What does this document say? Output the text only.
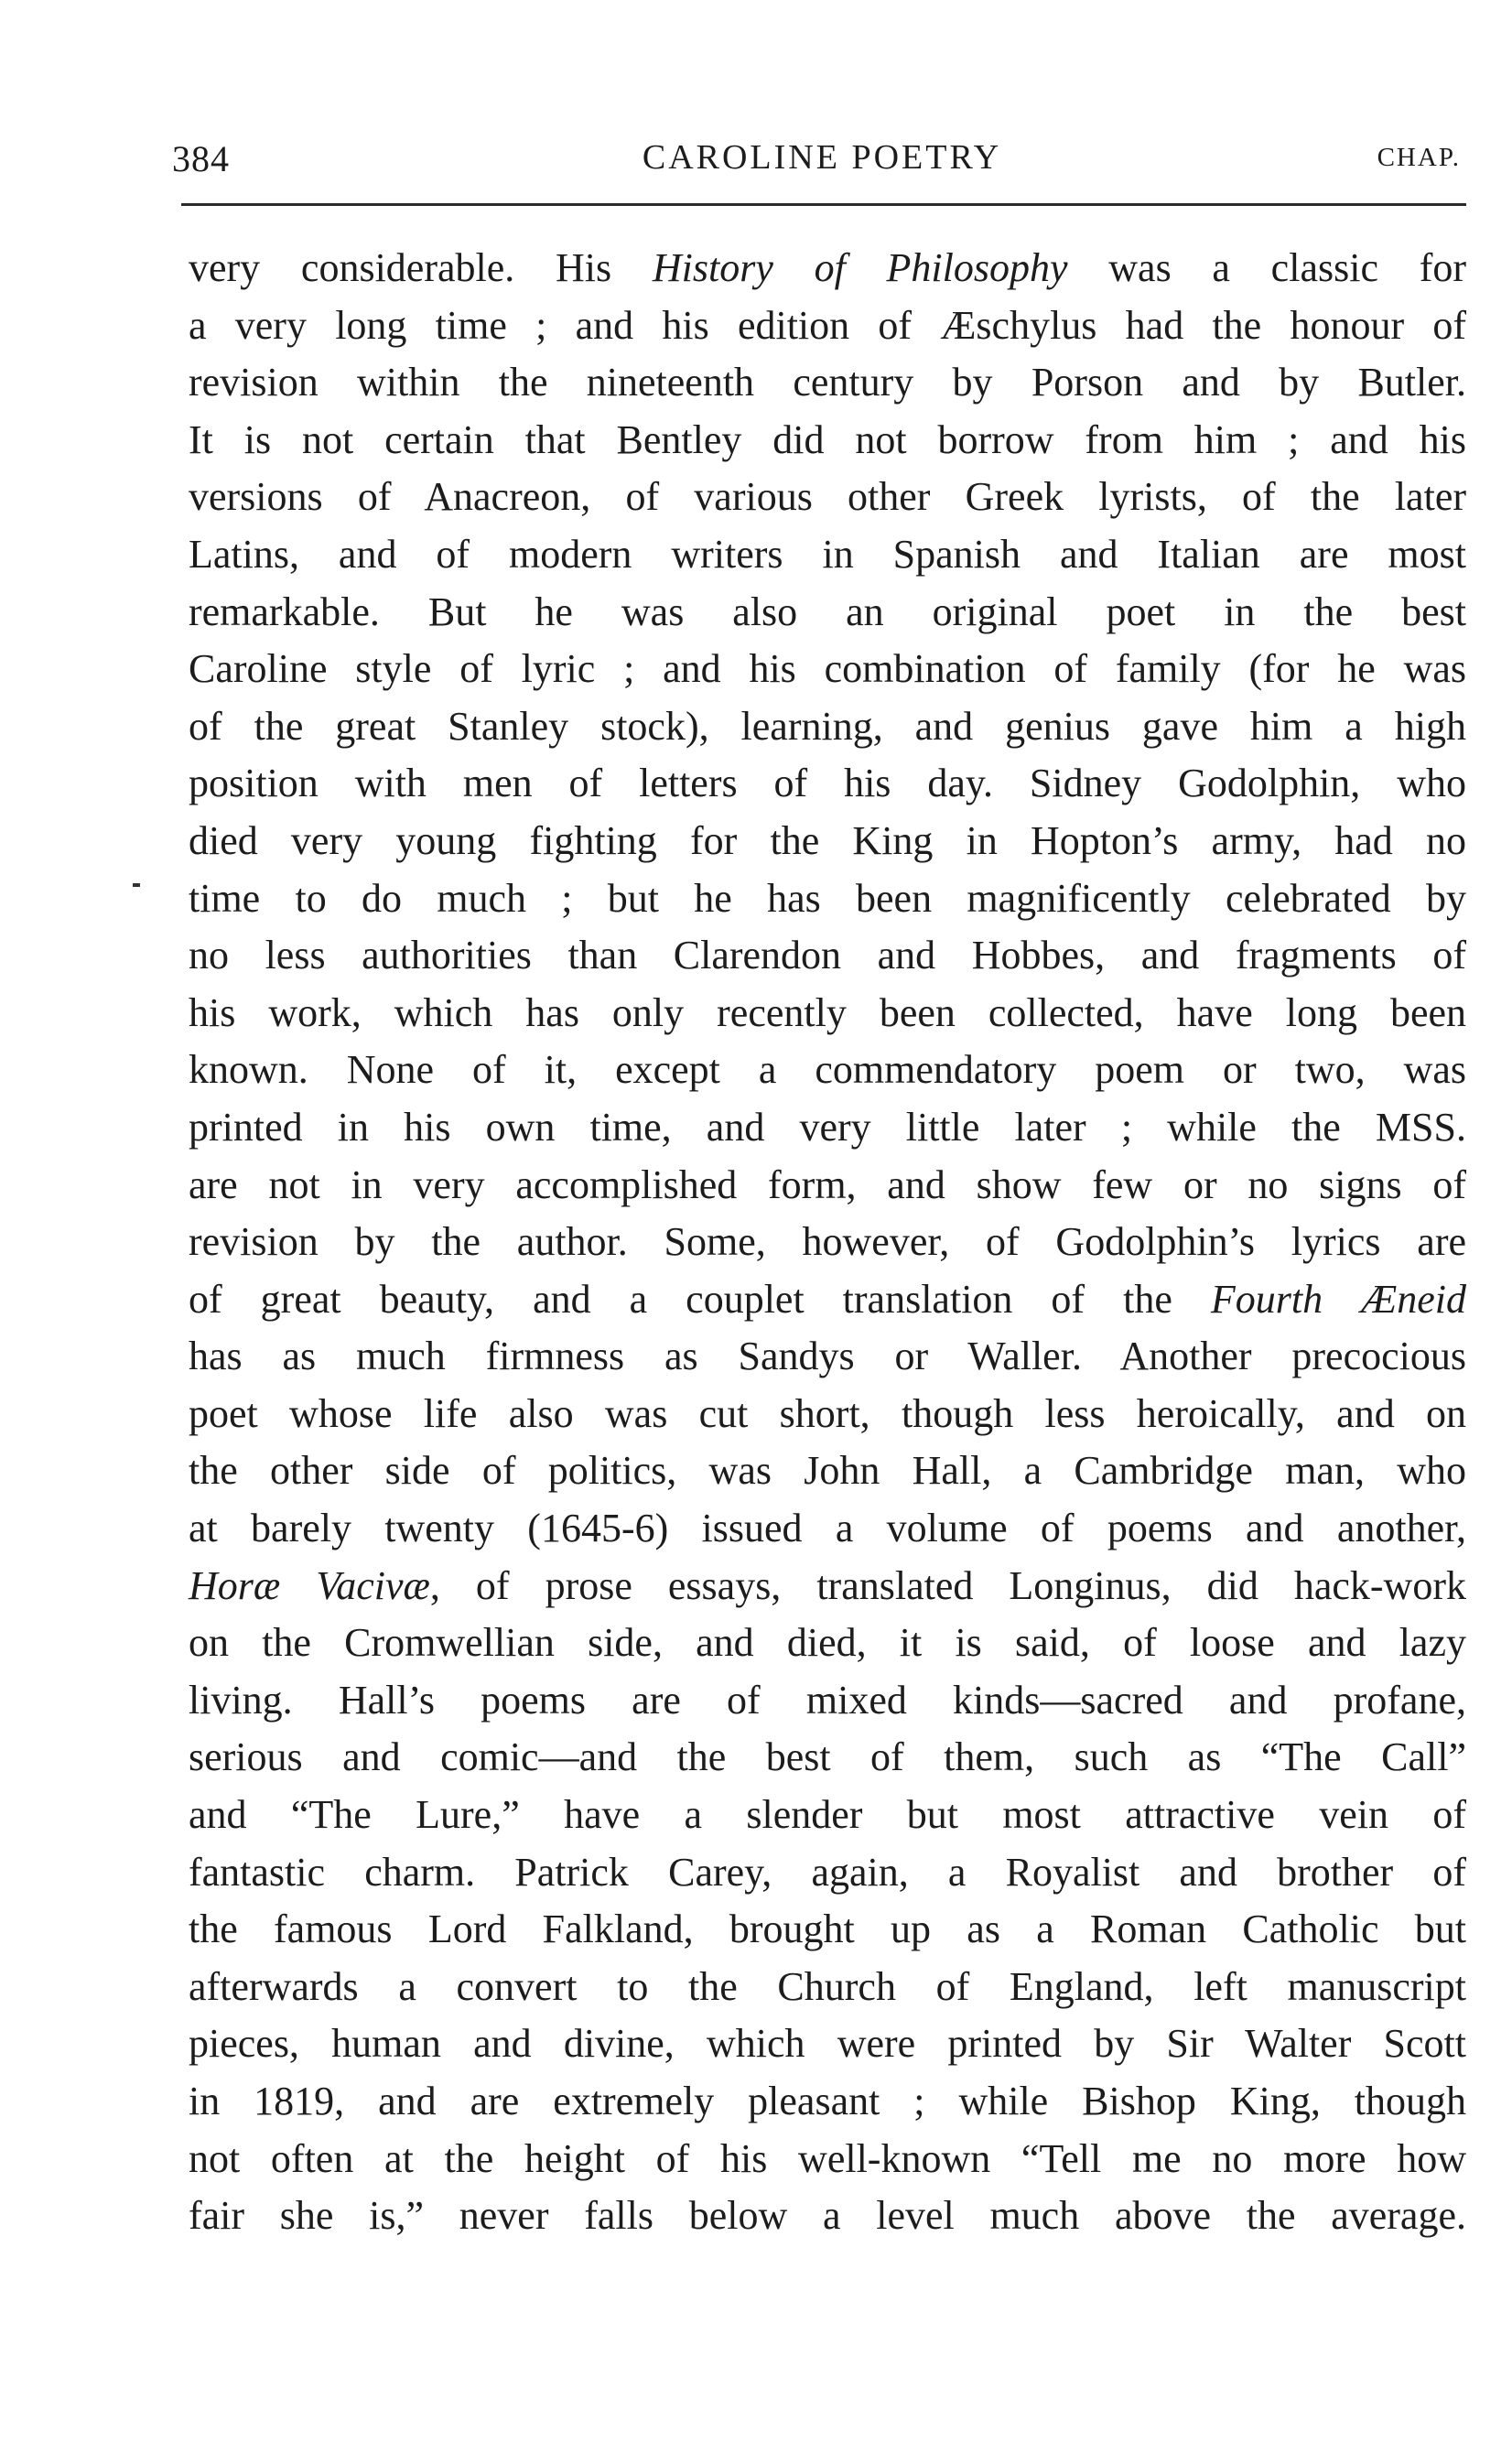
384	CAROLINE POETRY	CHAP.
very considerable. His History of Philosophy was a classic for
a very long time ; and his edition of Æschylus had the honour of
revision within the nineteenth century by Porson and by Butler.
It is not certain that Bentley did not borrow from him ; and his
versions of Anacreon, of various other Greek lyrists, of the later
Latins, and of modern writers in Spanish and Italian are most
remarkable. But he was also an original poet in the best
Caroline style of lyric ; and his combination of family (for he was
of the great Stanley stock), learning, and genius gave him a high
position with men of letters of his day. Sidney Godolphin, who
died very young fighting for the King in Hopton’s army, had no
time to do much ; but he has been magnificently celebrated by
no less authorities than Clarendon and Hobbes, and fragments of
his work, which has only recently been collected, have long been
known. None of it, except a commendatory poem or two, was
printed in his own time, and very little later ; while the MSS.
are not in very accomplished form, and show few or no signs of
revision by the author. Some, however, of Godolphin’s lyrics are
of great beauty, and a couplet translation of the Fourth Æneid
has as much firmness as Sandys or Waller. Another precocious
poet whose life also was cut short, though less heroically, and on
the other side of politics, was John Hall, a Cambridge man, who
at barely twenty (1645-6) issued a volume of poems and another,
Horæ Vacivæ, of prose essays, translated Longinus, did hack-work
on the Cromwellian side, and died, it is said, of loose and lazy
living. Hall’s poems are of mixed kinds—sacred and profane,
serious and comic—and the best of them, such as “The Call”
and “The Lure,” have a slender but most attractive vein of
fantastic charm. Patrick Carey, again, a Royalist and brother of
the famous Lord Falkland, brought up as a Roman Catholic but
afterwards a convert to the Church of England, left manuscript
pieces, human and divine, which were printed by Sir Walter Scott
in 1819, and are extremely pleasant ; while Bishop King, though
not often at the height of his well-known “Tell me no more how
fair she is,” never falls below a level much above the average.
